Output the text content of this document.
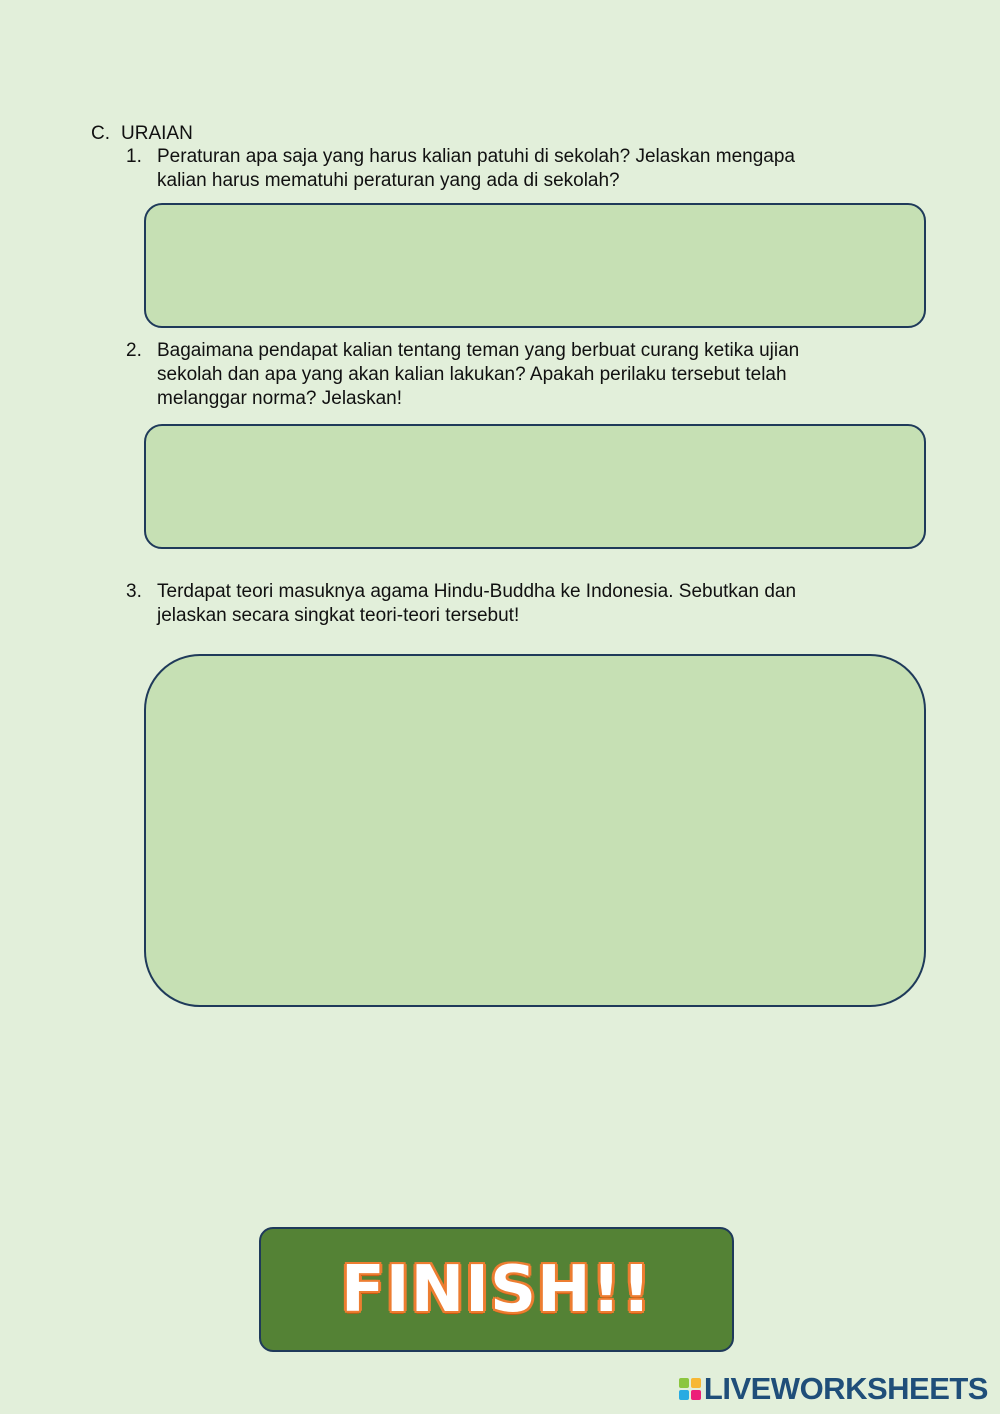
C. URAIAN
1. Peraturan apa saja yang harus kalian patuhi di sekolah? Jelaskan mengapa kalian harus mematuhi peraturan yang ada di sekolah?
2. Bagaimana pendapat kalian tentang teman yang berbuat curang ketika ujian sekolah dan apa yang akan kalian lakukan? Apakah perilaku tersebut telah melanggar norma? Jelaskan!
3. Terdapat teori masuknya agama Hindu-Buddha ke Indonesia. Sebutkan dan jelaskan secara singkat teori-teori tersebut!
FINISH!!
LIVEWORKSHEETS
